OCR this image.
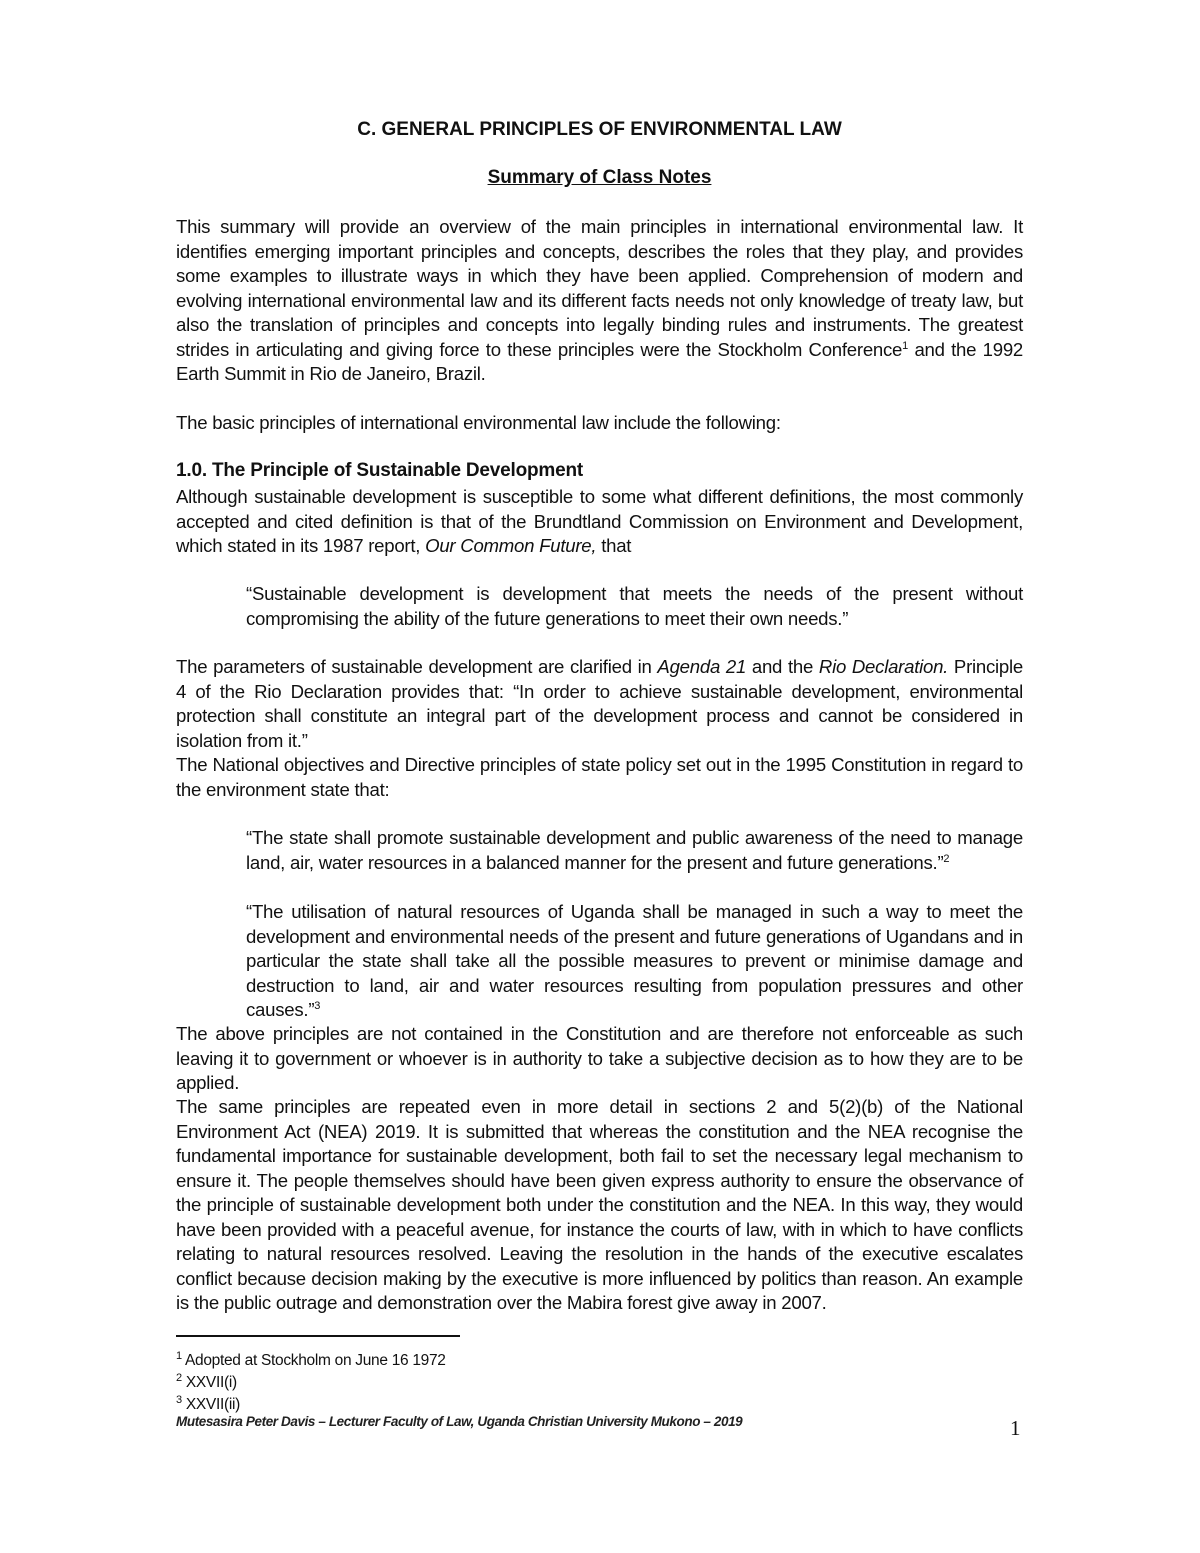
C. GENERAL PRINCIPLES OF ENVIRONMENTAL LAW
Summary of Class Notes

This summary will provide an overview of the main principles in international environmental law. It identifies emerging important principles and concepts, describes the roles that they play, and provides some examples to illustrate ways in which they have been applied. Comprehension of modern and evolving international environmental law and its different facts needs not only knowledge of treaty law, but also the translation of principles and concepts into legally binding rules and instruments. The greatest strides in articulating and giving force to these principles were the Stockholm Conference$^1$ and the 1992 Earth Summit in Rio de Janeiro, Brazil.

The basic principles of international environmental law include the following:

1.0. The Principle of Sustainable Development

Although sustainable development is susceptible to some what different definitions, the most commonly accepted and cited definition is that of the Brundtland Commission on Environment and Development, which stated in its 1987 report, Our Common Future, that

“Sustainable development is development that meets the needs of the present without compromising the ability of the future generations to meet their own needs.”

The parameters of sustainable development are clarified in Agenda 21 and the Rio Declaration. Principle 4 of the Rio Declaration provides that: “In order to achieve sustainable development, environmental protection shall constitute an integral part of the development process and cannot be considered in isolation from it.”

The National objectives and Directive principles of state policy set out in the 1995 Constitution in regard to the environment state that:

“The state shall promote sustainable development and public awareness of the need to manage land, air, water resources in a balanced manner for the present and future generations.”$^2$

“The utilisation of natural resources of Uganda shall be managed in such a way to meet the development and environmental needs of the present and future generations of Ugandans and in particular the state shall take all the possible measures to prevent or minimise damage and destruction to land, air and water resources resulting from population pressures and other causes.”$^3$

The above principles are not contained in the Constitution and are therefore not enforceable as such leaving it to government or whoever is in authority to take a subjective decision as to how they are to be applied.

The same principles are repeated even in more detail in sections 2 and 5(2)(b) of the National Environment Act (NEA) 2019. It is submitted that whereas the constitution and the NEA recognise the fundamental importance for sustainable development, both fail to set the necessary legal mechanism to ensure it. The people themselves should have been given express authority to ensure the observance of the principle of sustainable development both under the constitution and the NEA. In this way, they would have been provided with a peaceful avenue, for instance the courts of law, with in which to have conflicts relating to natural resources resolved. Leaving the resolution in the hands of the executive escalates conflict because decision making by the executive is more influenced by politics than reason. An example is the public outrage and demonstration over the Mabira forest give away in 2007.

$^1$ Adopted at Stockholm on June 16 1972
$^2$ XXVII(i)
$^3$ XXVII(ii)
Mutesasira Peter Davis – Lecturer Faculty of Law, Uganda Christian University Mukono – 2019	1
